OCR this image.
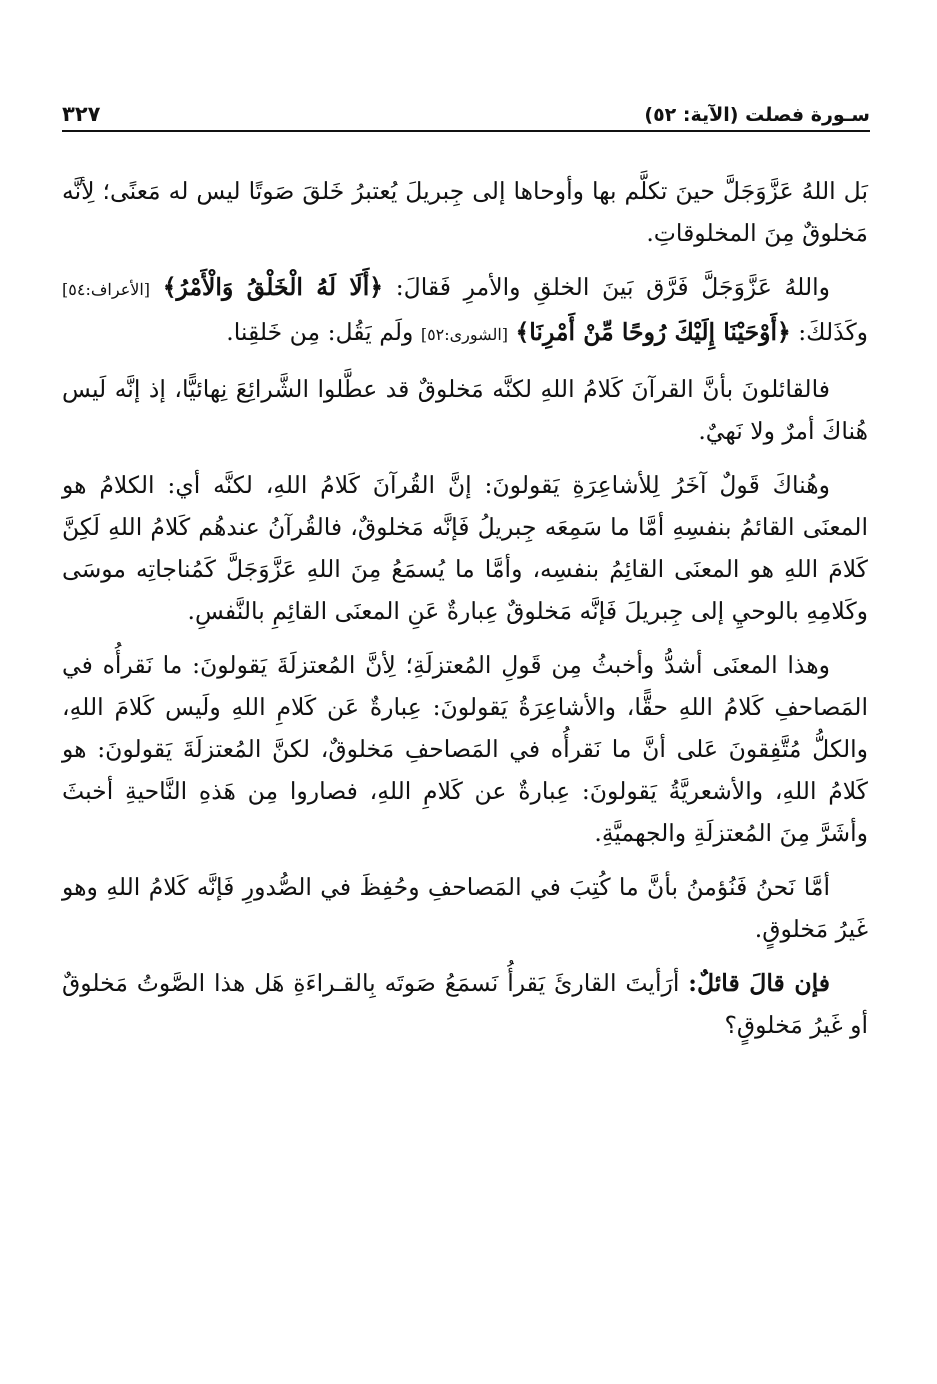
سـورة فصلت (الآية: ٥٢)
٣٢٧

بَل اللهُ عَزَّوَجَلَّ حينَ تكلَّم بها وأوحاها إلى جِبريلَ يُعتبرُ خَلقَ صَوتًا ليس له مَعنًى؛ لِأنَّه مَخلوقٌ مِنَ المخلوقاتِ.

واللهُ عَزَّوَجَلَّ فَرَّق بَينَ الخلقِ والأمرِ فَقالَ: ﴿أَلَا لَهُ الْخَلْقُ وَالْأَمْرُ﴾ [الأعراف:٥٤] وكَذَلكَ: ﴿أَوْحَيْنَا إِلَيْكَ رُوحًا مِّنْ أَمْرِنَا﴾ [الشورى:٥٢] ولَم يَقُل: مِن خَلقِنا.

فالقائلونَ بأنَّ القرآنَ كَلامُ اللهِ لكنَّه مَخلوقٌ قد عطَّلوا الشَّرائِعَ نِهائيًّا، إذ إنَّه لَيس هُناكَ أمرٌ ولا نَهيٌ.

وهُناكَ قَولٌ آخَرُ لِلأشاعِرَةِ يَقولونَ: إنَّ القُرآنَ كَلامُ اللهِ، لكنَّه أي: الكلامُ هو المعنَى القائمُ بنفسِهِ أمَّا ما سَمِعَه جِبريلُ فَإنَّه مَخلوقٌ، فالقُرآنُ عندهُم كَلامُ اللهِ لَكِنَّ كَلامَ اللهِ هو المعنَى القائِمُ بنفسِه، وأمَّا ما يُسمَعُ مِنَ اللهِ عَزَّوَجَلَّ كَمُناجاتِه موسَى وكَلامِهِ بالوحيِ إلى جِبريلَ فَإنَّه مَخلوقٌ عِبارةٌ عَنِ المعنَى القائِمِ بالنَّفسِ.

وهذا المعنَى أشدُّ وأخبثُ مِن قَولِ المُعتزلَةِ؛ لِأنَّ المُعتزلَةَ يَقولونَ: ما نَقرأُه في المَصاحفِ كَلامُ اللهِ حقًّا، والأشاعِرَةُ يَقولونَ: عِبارةٌ عَن كَلامِ اللهِ ولَيس كَلامَ اللهِ، والكلُّ مُتَّفِقونَ عَلى أنَّ ما نَقرأُه في المَصاحفِ مَخلوقٌ، لكنَّ المُعتزلَةَ يَقولونَ: هو كَلامُ اللهِ، والأشعريَّةُ يَقولونَ: عِبارةٌ عن كَلامِ اللهِ، فصاروا مِن هَذهِ النَّاحيةِ أخبثَ وأشَرَّ مِنَ المُعتزلَةِ والجهميَّةِ.

أمَّا نَحنُ فَنُؤمنُ بأنَّ ما كُتِبَ في المَصاحفِ وحُفِظَ في الصُّدورِ فَإنَّه كَلامُ اللهِ وهو غَيرُ مَخلوقٍ.

فإن قالَ قائلٌ: أرَأيتَ القارئَ يَقرأُ نَسمَعُ صَوتَه بِالقـراءَةِ هَل هذا الصَّوتُ مَخلوقٌ أو غَيرُ مَخلوقٍ؟
